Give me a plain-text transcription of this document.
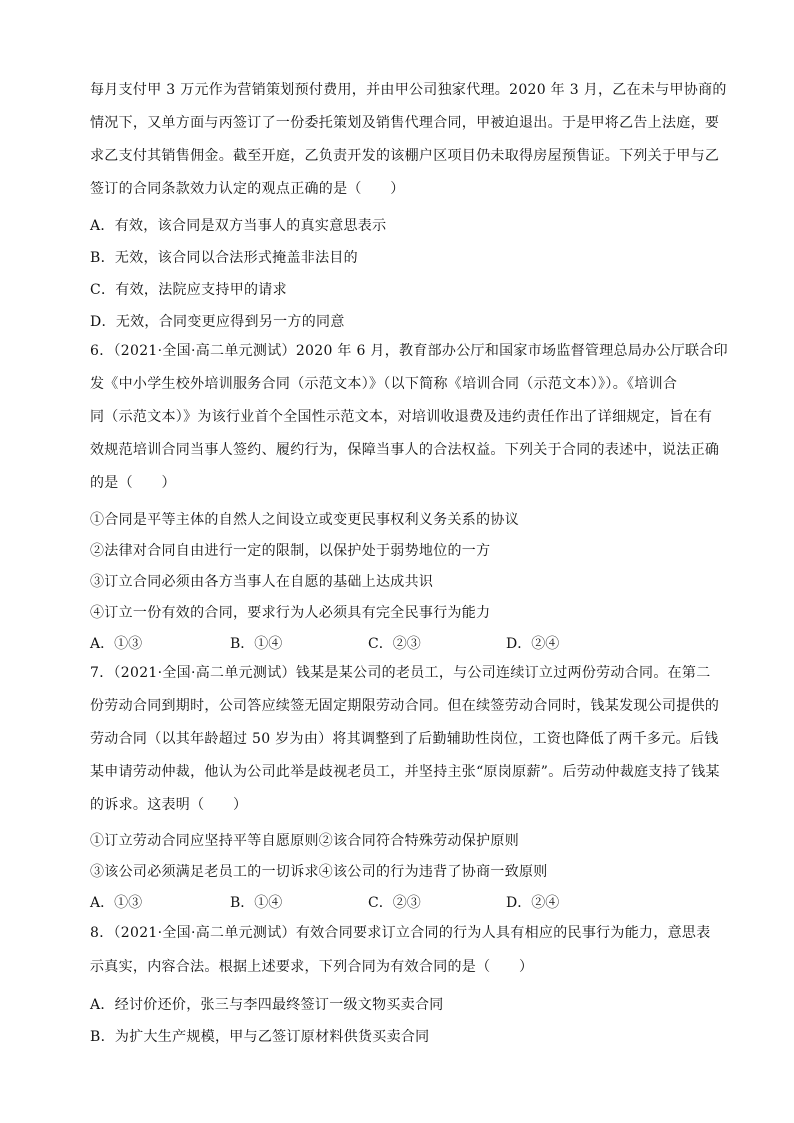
每月支付甲 3 万元作为营销策划预付费用，并由甲公司独家代理。2020 年 3 月，乙在未与甲协商的
情况下，又单方面与丙签订了一份委托策划及销售代理合同，甲被迫退出。于是甲将乙告上法庭，要
求乙支付其销售佣金。截至开庭，乙负责开发的该棚户区项目仍未取得房屋预售证。下列关于甲与乙
签订的合同条款效力认定的观点正确的是（　　）
A．有效，该合同是双方当事人的真实意思表示
B．无效，该合同以合法形式掩盖非法目的
C．有效，法院应支持甲的请求
D．无效，合同变更应得到另一方的同意
6．（2021·全国·高二单元测试）2020 年 6 月，教育部办公厅和国家市场监督管理总局办公厅联合印
发《中小学生校外培训服务合同（示范文本）》（以下简称《培训合同（示范文本）》）。《培训合
同（示范文本）》为该行业首个全国性示范文本，对培训收退费及违约责任作出了详细规定，旨在有
效规范培训合同当事人签约、履约行为，保障当事人的合法权益。下列关于合同的表述中，说法正确
的是（　　）
①合同是平等主体的自然人之间设立或变更民事权利义务关系的协议
②法律对合同自由进行一定的限制，以保护处于弱势地位的一方
③订立合同必须由各方当事人在自愿的基础上达成共识
④订立一份有效的合同，要求行为人必须具有完全民事行为能力
A．①③	B．①④	C．②③	D．②④
7．（2021·全国·高二单元测试）钱某是某公司的老员工，与公司连续订立过两份劳动合同。在第二
份劳动合同到期时，公司答应续签无固定期限劳动合同。但在续签劳动合同时，钱某发现公司提供的
劳动合同（以其年龄超过 50 岁为由）将其调整到了后勤辅助性岗位，工资也降低了两千多元。后钱
某申请劳动仲裁，他认为公司此举是歧视老员工，并坚持主张“原岗原薪”。后劳动仲裁庭支持了钱某
的诉求。这表明（　　）
①订立劳动合同应坚持平等自愿原则②该合同符合特殊劳动保护原则
③该公司必须满足老员工的一切诉求④该公司的行为违背了协商一致原则
A．①③	B．①④	C．②③	D．②④
8．（2021·全国·高二单元测试）有效合同要求订立合同的行为人具有相应的民事行为能力，意思表
示真实，内容合法。根据上述要求，下列合同为有效合同的是（　　）
A．经讨价还价，张三与李四最终签订一级文物买卖合同
B．为扩大生产规模，甲与乙签订原材料供货买卖合同
